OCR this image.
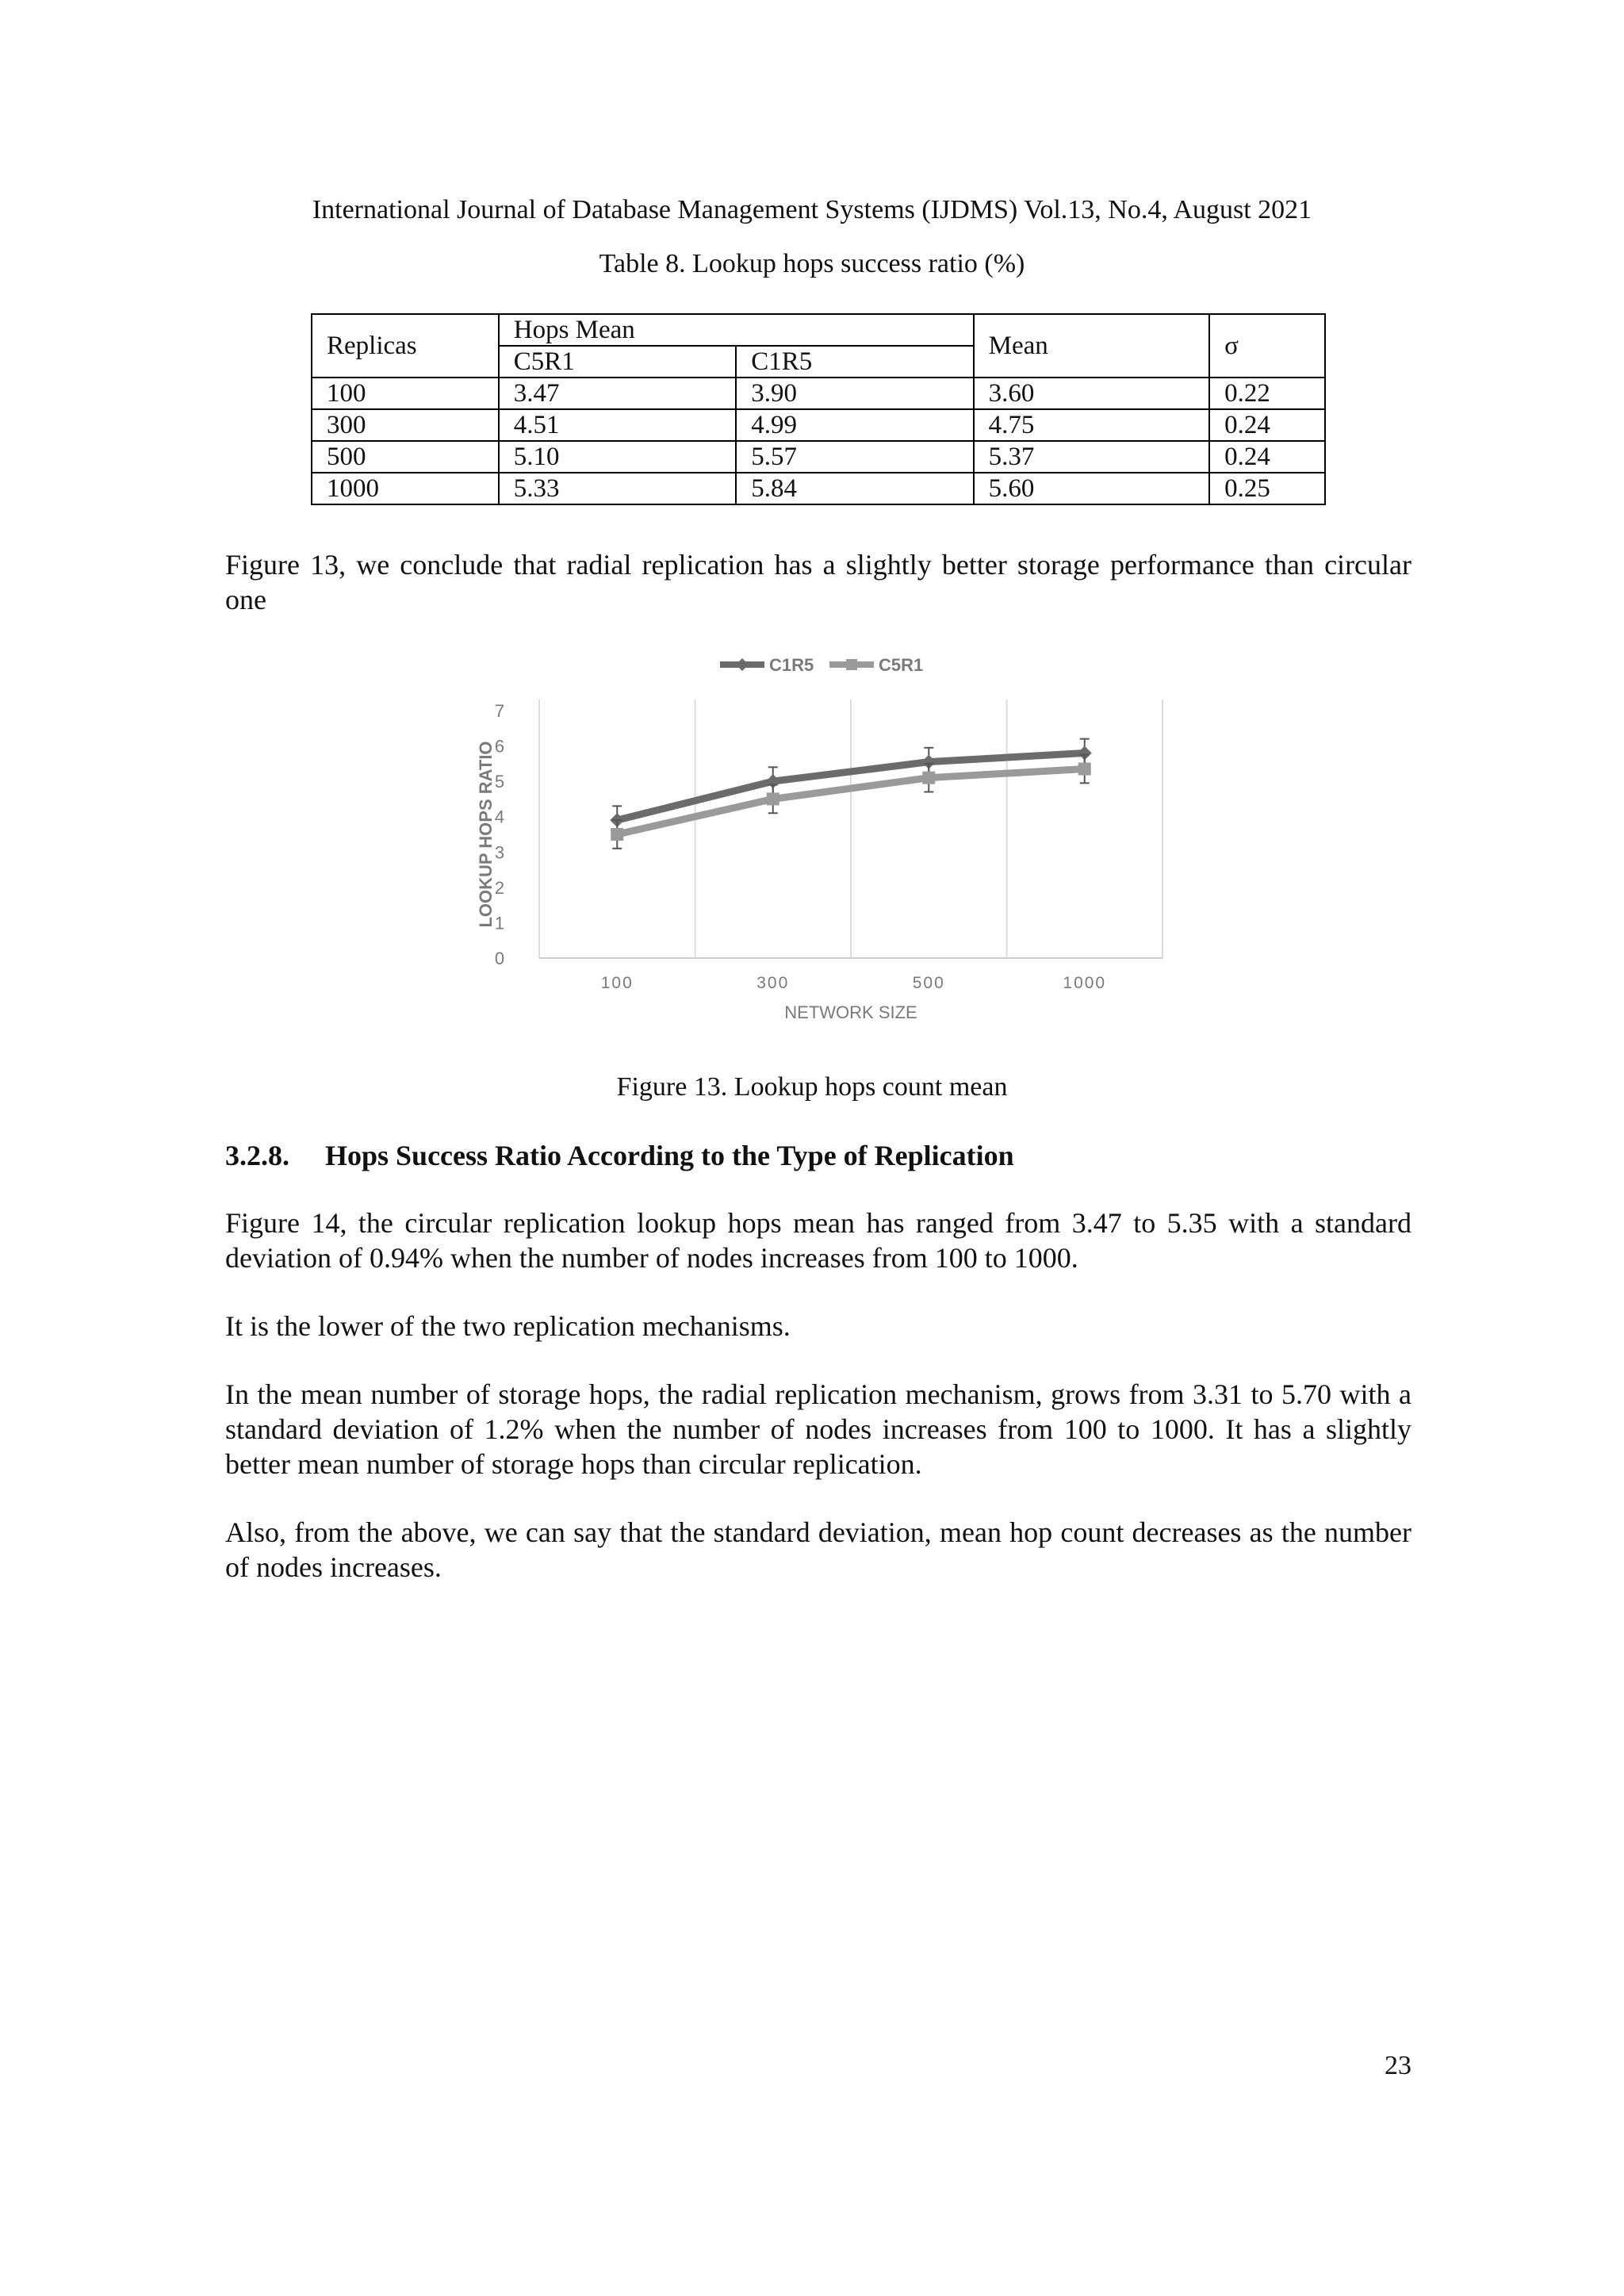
International Journal of Database Management Systems (IJDMS) Vol.13, No.4, August 2021
Table 8. Lookup hops success ratio (%)
Replicas	Hops Mean		Mean	σ
	C5R1	C1R5		
100	3.47	3.90	3.60	0.22
300	4.51	4.99	4.75	0.24
500	5.10	5.57	5.37	0.24
1000	5.33	5.84	5.60	0.25
Figure 13, we conclude that radial replication has a slightly better storage performance than circular one
0
1
2
3
4
5
6
7
100	300	500	1000
NETWORK SIZE
LOOKUP HOPS RATIO
C1R5	C5R1
Figure 13. Lookup hops count mean
3.2.8. Hops Success Ratio According to the Type of Replication
Figure 14, the circular replication lookup hops mean has ranged from 3.47 to 5.35 with a standard deviation of 0.94% when the number of nodes increases from 100 to 1000.
It is the lower of the two replication mechanisms.
In the mean number of storage hops, the radial replication mechanism, grows from 3.31 to 5.70 with a standard deviation of 1.2% when the number of nodes increases from 100 to 1000. It has a slightly better mean number of storage hops than circular replication.
Also, from the above, we can say that the standard deviation, mean hop count decreases as the number of nodes increases.
23
